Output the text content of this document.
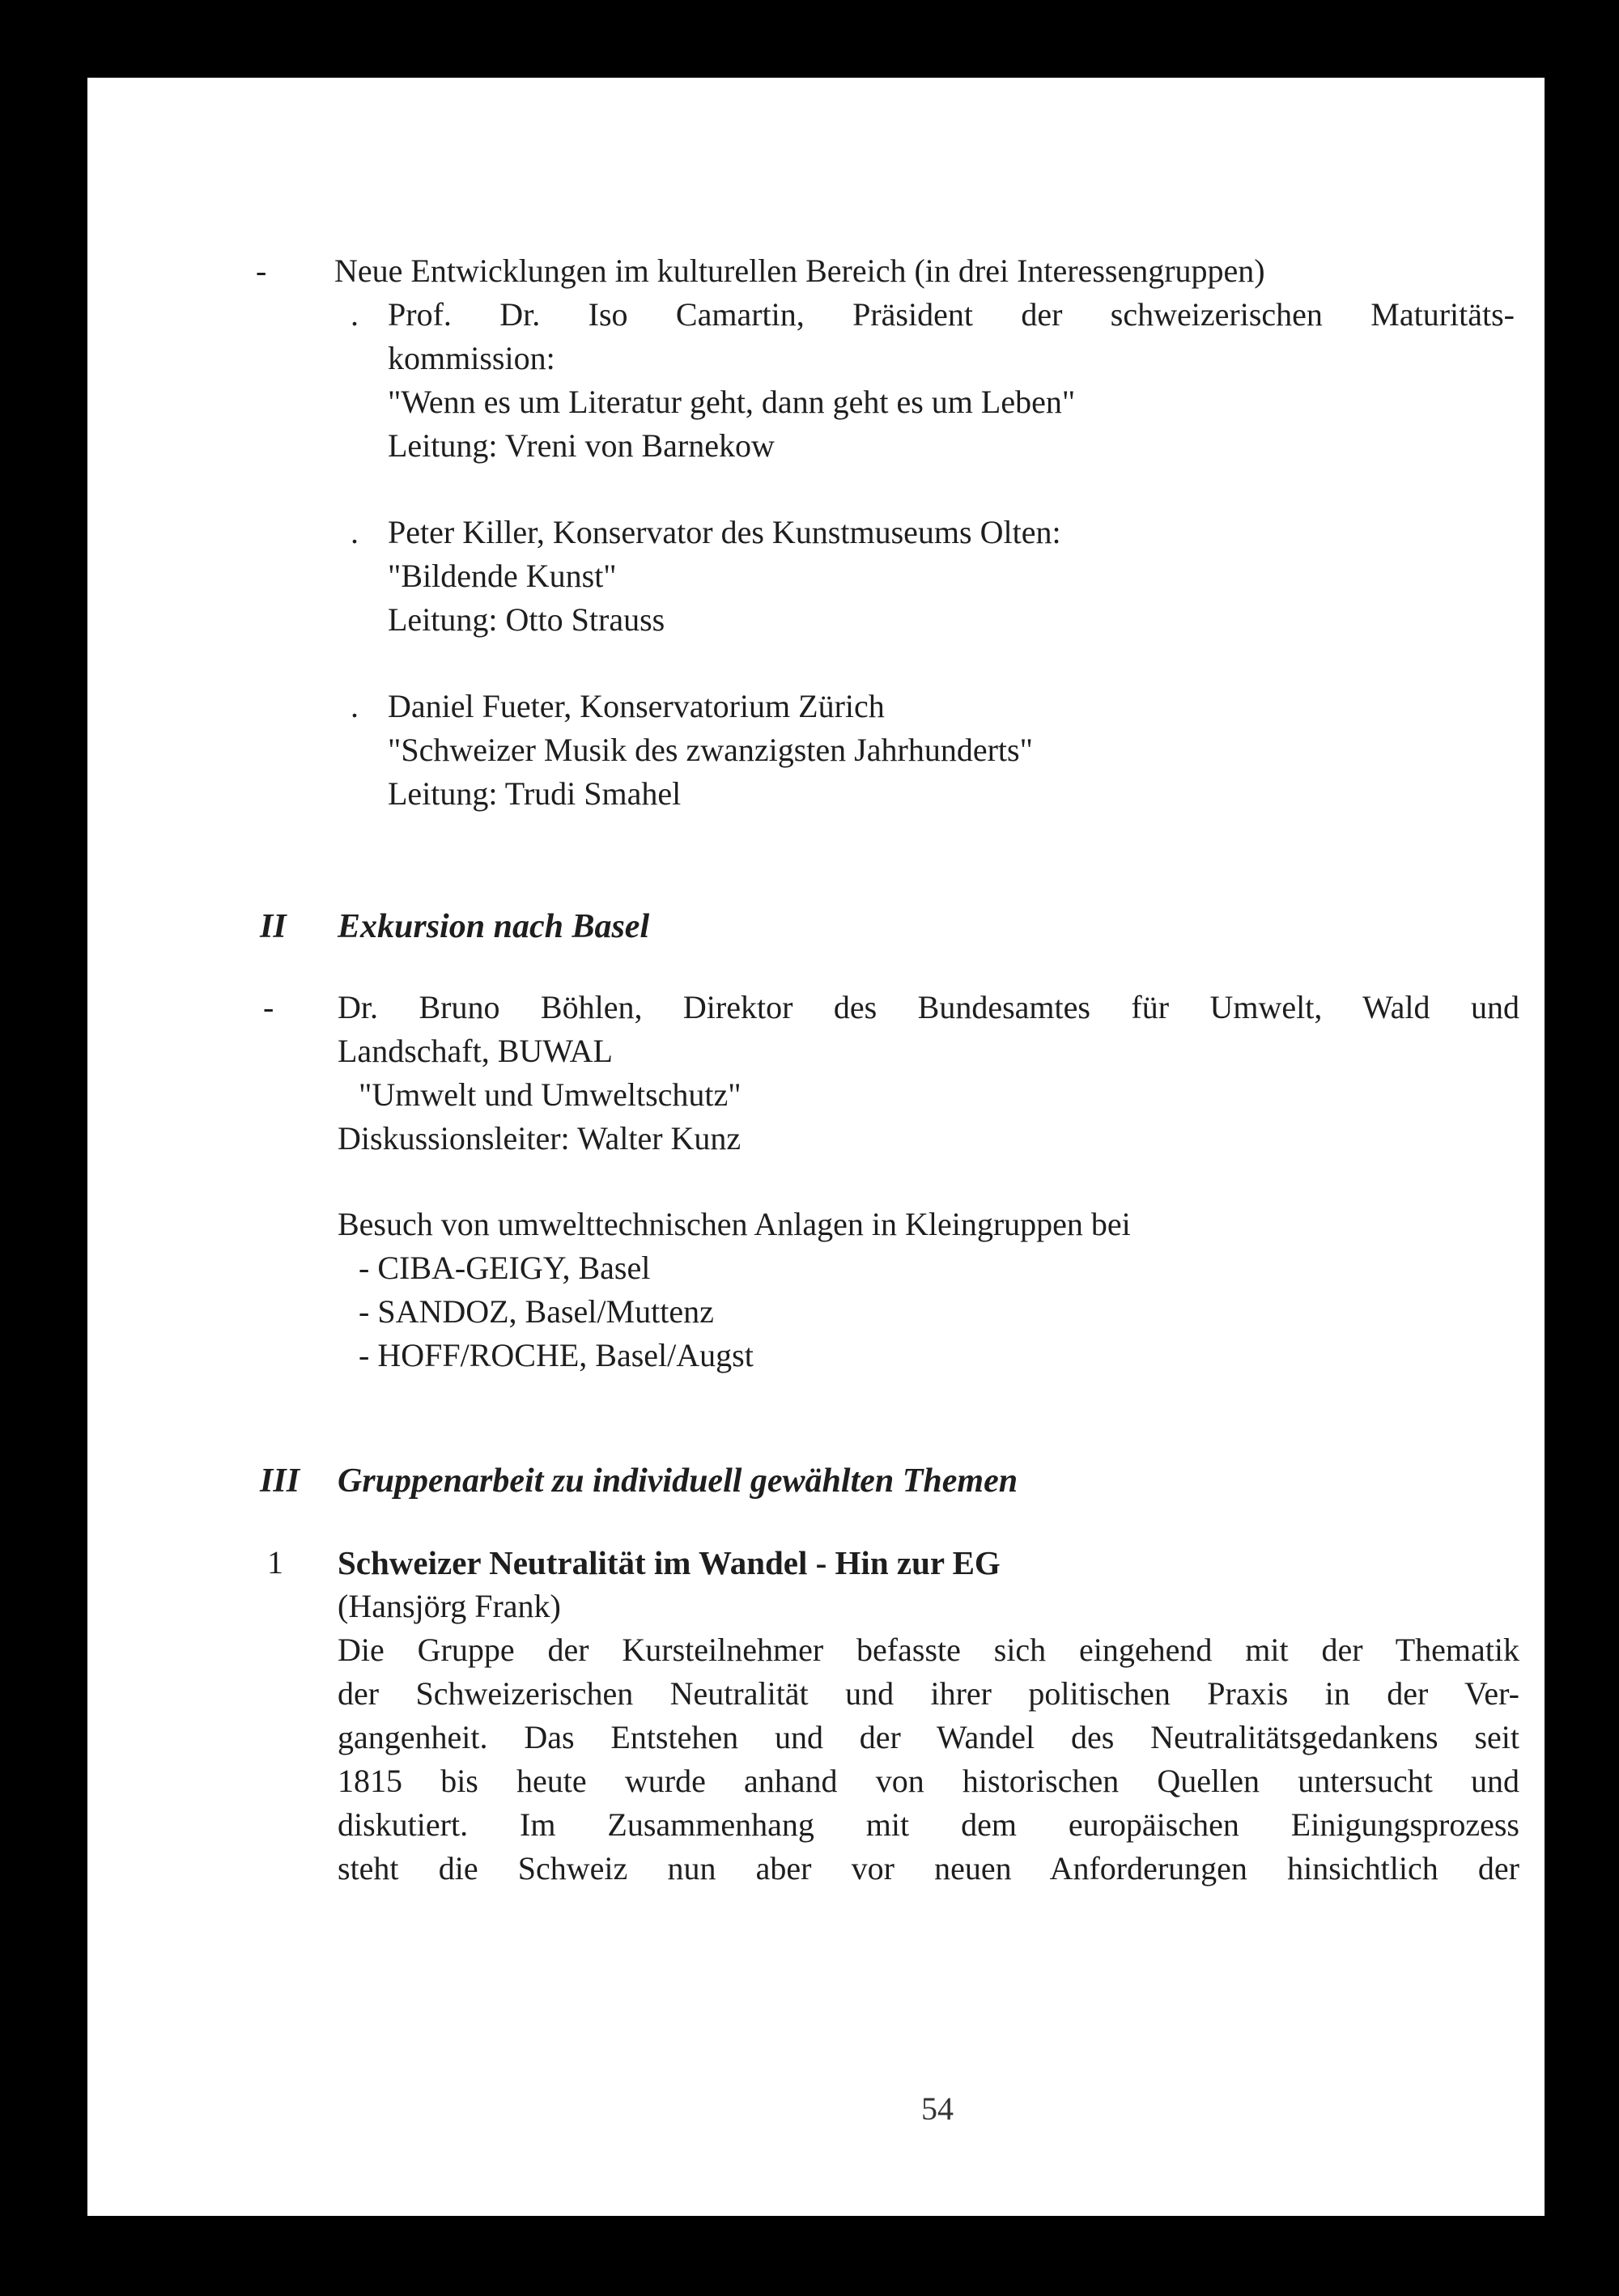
- Neue Entwicklungen im kulturellen Bereich (in drei Interessengruppen)
. Prof. Dr. Iso Camartin, Präsident der schweizerischen Maturitäts-
kommission:
"Wenn es um Literatur geht, dann geht es um Leben"
Leitung: Vreni von Barnekow
. Peter Killer, Konservator des Kunstmuseums Olten:
"Bildende Kunst"
Leitung: Otto Strauss
. Daniel Fueter, Konservatorium Zürich
"Schweizer Musik des zwanzigsten Jahrhunderts"
Leitung: Trudi Smahel
II Exkursion nach Basel
- Dr. Bruno Böhlen, Direktor des Bundesamtes für Umwelt, Wald und
Landschaft, BUWAL
"Umwelt und Umweltschutz"
Diskussionsleiter: Walter Kunz
Besuch von umwelttechnischen Anlagen in Kleingruppen bei
- CIBA-GEIGY, Basel
- SANDOZ, Basel/Muttenz
- HOFF/ROCHE, Basel/Augst
III Gruppenarbeit zu individuell gewählten Themen
1 Schweizer Neutralität im Wandel - Hin zur EG
(Hansjörg Frank)
Die Gruppe der Kursteilnehmer befasste sich eingehend mit der Thematik
der Schweizerischen Neutralität und ihrer politischen Praxis in der Ver-
gangenheit. Das Entstehen und der Wandel des Neutralitätsgedankens seit
1815 bis heute wurde anhand von historischen Quellen untersucht und
diskutiert. Im Zusammenhang mit dem europäischen Einigungsprozess
steht die Schweiz nun aber vor neuen Anforderungen hinsichtlich der
54
